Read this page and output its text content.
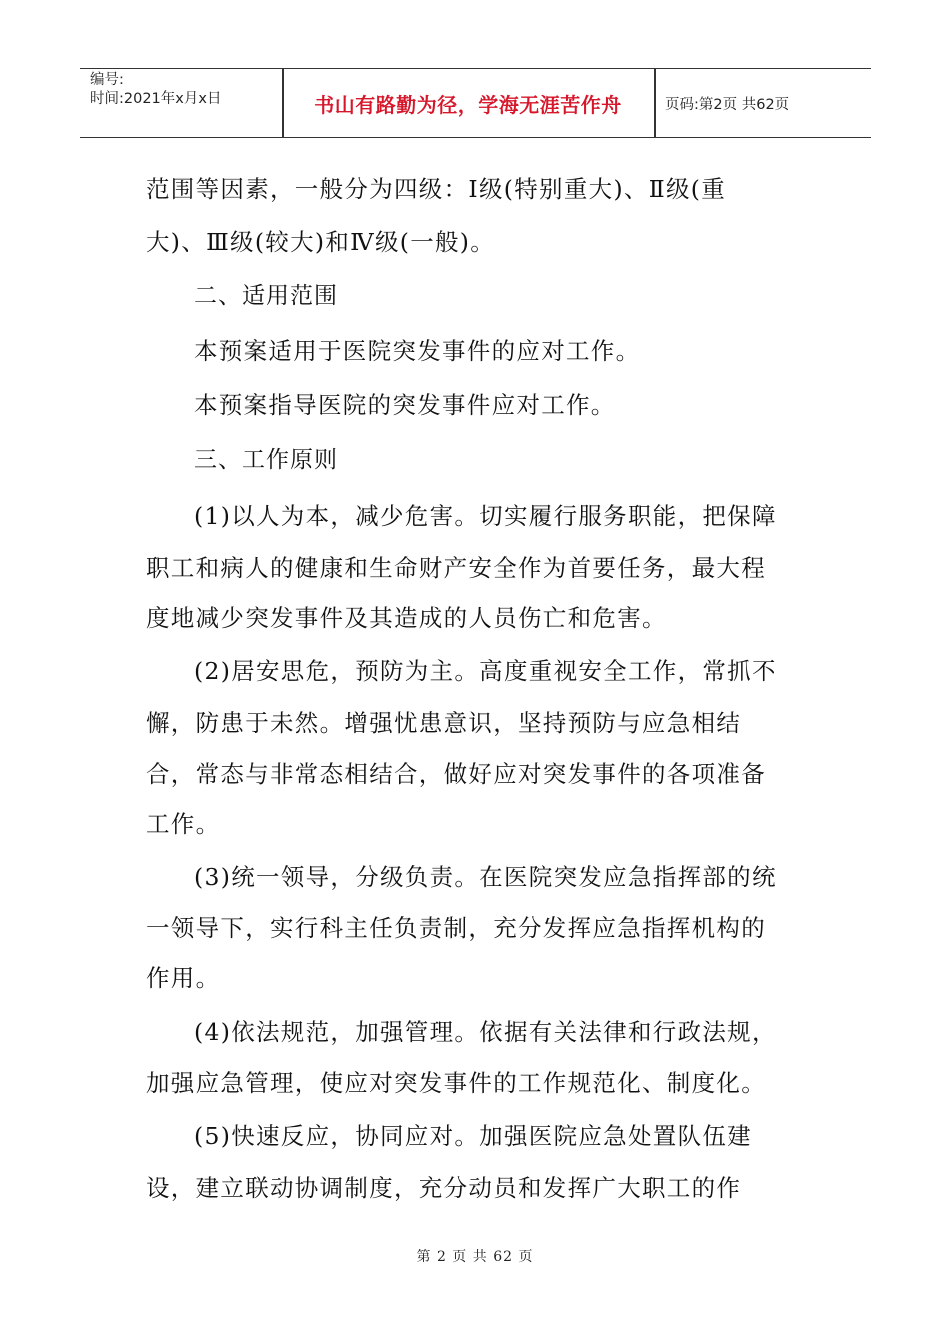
编号:
时间:2021年x月x日	书山有路勤为径，学海无涯苦作舟	页码:第2页 共62页
范围等因素，一般分为四级：Ⅰ级(特别重大)、Ⅱ级(重
大)、Ⅲ级(较大)和Ⅳ级(一般)。
二、适用范围
本预案适用于医院突发事件的应对工作。
本预案指导医院的突发事件应对工作。
三、工作原则
(1)以人为本，减少危害。切实履行服务职能，把保障
职工和病人的健康和生命财产安全作为首要任务，最大程
度地减少突发事件及其造成的人员伤亡和危害。
(2)居安思危，预防为主。高度重视安全工作，常抓不
懈，防患于未然。增强忧患意识，坚持预防与应急相结
合，常态与非常态相结合，做好应对突发事件的各项准备
工作。
(3)统一领导，分级负责。在医院突发应急指挥部的统
一领导下，实行科主任负责制，充分发挥应急指挥机构的
作用。
(4)依法规范，加强管理。依据有关法律和行政法规，
加强应急管理，使应对突发事件的工作规范化、制度化。
(5)快速反应，协同应对。加强医院应急处置队伍建
设，建立联动协调制度，充分动员和发挥广大职工的作
第 2 页 共 62 页
